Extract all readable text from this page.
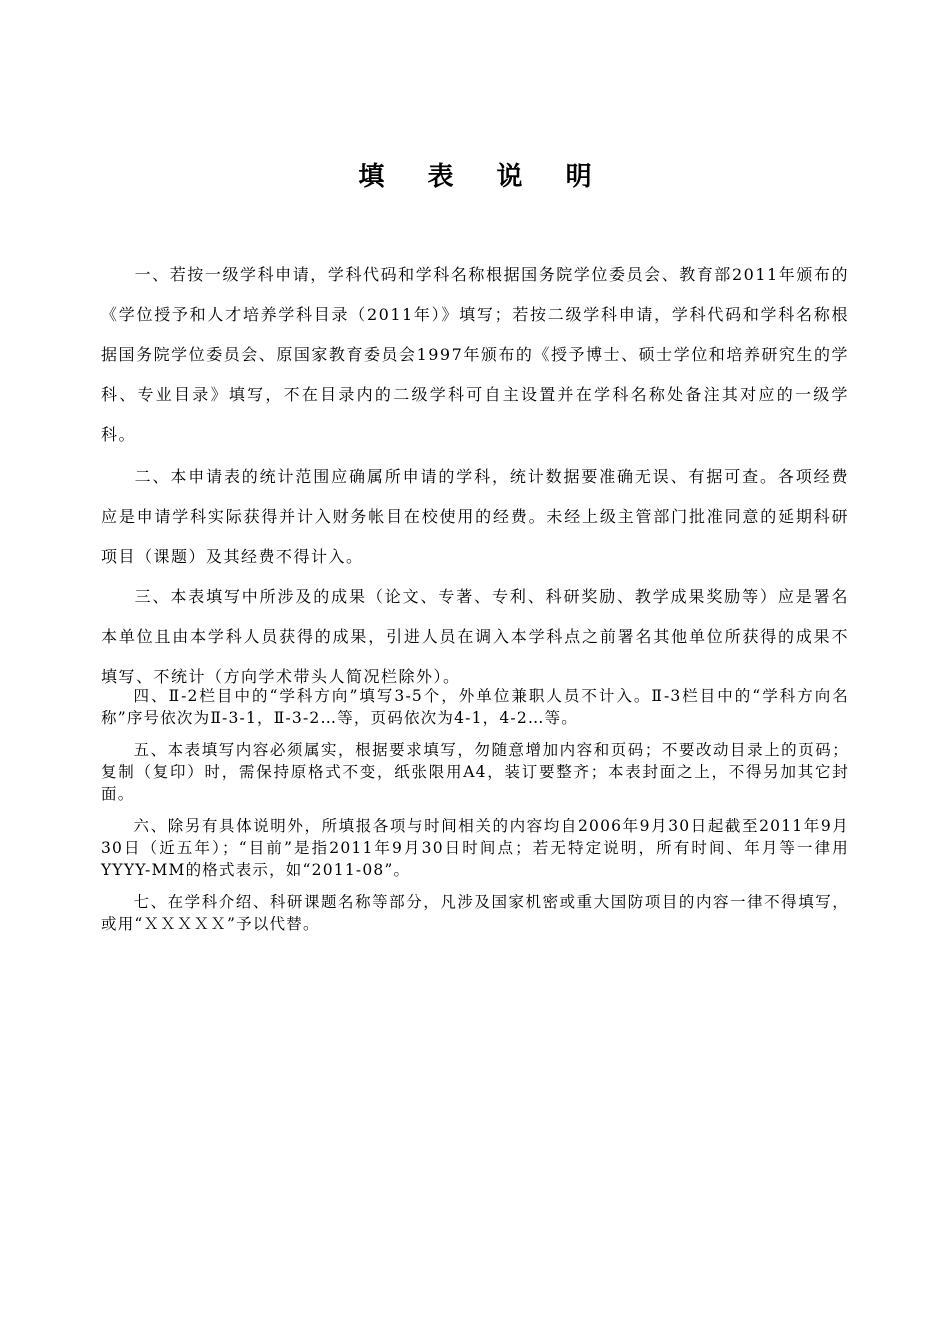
填 表 说 明

一、若按一级学科申请，学科代码和学科名称根据国务院学位委员会、教育部2011年颁布的《学位授予和人才培养学科目录（2011年）》填写；若按二级学科申请，学科代码和学科名称根据国务院学位委员会、原国家教育委员会1997年颁布的《授予博士、硕士学位和培养研究生的学科、专业目录》填写，不在目录内的二级学科可自主设置并在学科名称处备注其对应的一级学科。

二、本申请表的统计范围应确属所申请的学科，统计数据要准确无误、有据可查。各项经费应是申请学科实际获得并计入财务帐目在校使用的经费。未经上级主管部门批准同意的延期科研项目（课题）及其经费不得计入。

三、本表填写中所涉及的成果（论文、专著、专利、科研奖励、教学成果奖励等）应是署名本单位且由本学科人员获得的成果，引进人员在调入本学科点之前署名其他单位所获得的成果不填写、不统计（方向学术带头人简况栏除外）。

四、Ⅱ-2栏目中的“学科方向”填写3-5个，外单位兼职人员不计入。Ⅱ-3栏目中的“学科方向名称”序号依次为Ⅱ-3-1，Ⅱ-3-2…等，页码依次为4-1，4-2…等。

五、本表填写内容必须属实，根据要求填写，勿随意增加内容和页码；不要改动目录上的页码；复制（复印）时，需保持原格式不变，纸张限用A4，装订要整齐；本表封面之上，不得另加其它封面。

六、除另有具体说明外，所填报各项与时间相关的内容均自2006年9月30日起截至2011年9月30日（近五年）；“目前”是指2011年9月30日时间点；若无特定说明，所有时间、年月等一律用YYYY-MM的格式表示，如“2011-08”。

七、在学科介绍、科研课题名称等部分，凡涉及国家机密或重大国防项目的内容一律不得填写，或用“ＸＸＸＸＸ”予以代替。
